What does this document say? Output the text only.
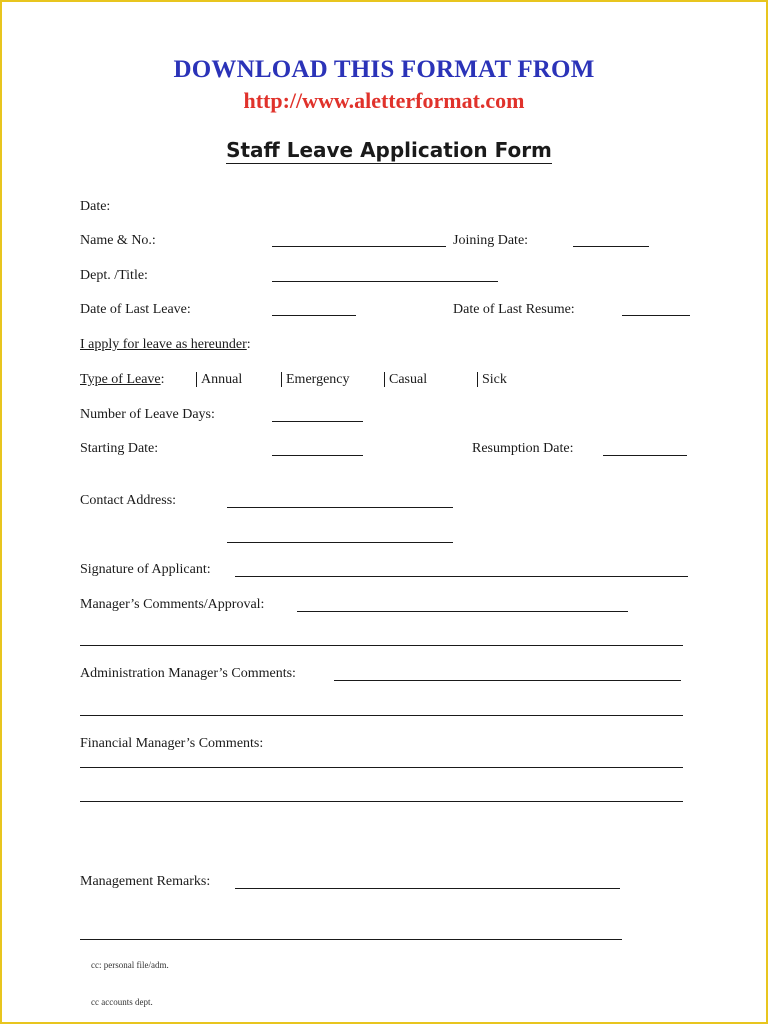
DOWNLOAD THIS FORMAT FROM
http://www.aletterformat.com
Staff Leave Application Form
Date:
Name & No.:	Joining Date:
Dept. /Title:
Date of Last Leave:	Date of Last Resume:
I apply for leave as hereunder:
Type of Leave:	Annual	Emergency	Casual	Sick
Number of Leave Days:
Starting Date:	Resumption Date:
Contact Address:
Signature of Applicant:
Manager’s Comments/Approval:
Administration Manager’s Comments:
Financial Manager’s Comments:
Management Remarks:
cc: personal file/adm.
cc accounts dept.
